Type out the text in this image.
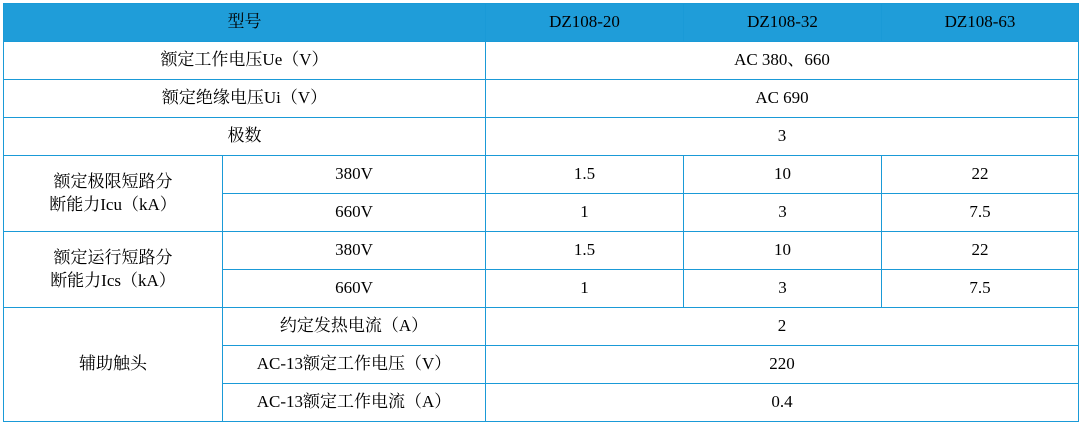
型号		DZ108-20	DZ108-32	DZ108-63
额定工作电压Ue（V）		AC 380、660		
额定绝缘电压Ui（V）		AC 690		
极数		3		

额定极限短路分
断能力Icu（kA）	380V	1.5	10	22
	660V	1	3	7.5

额定运行短路分
断能力Ics（kA）	380V	1.5	10	22
	660V	1	3	7.5
辅助触头	约定发热电流（A）	2		
	AC-13额定工作电压（V）	220		
	AC-13额定工作电流（A）	0.4		
